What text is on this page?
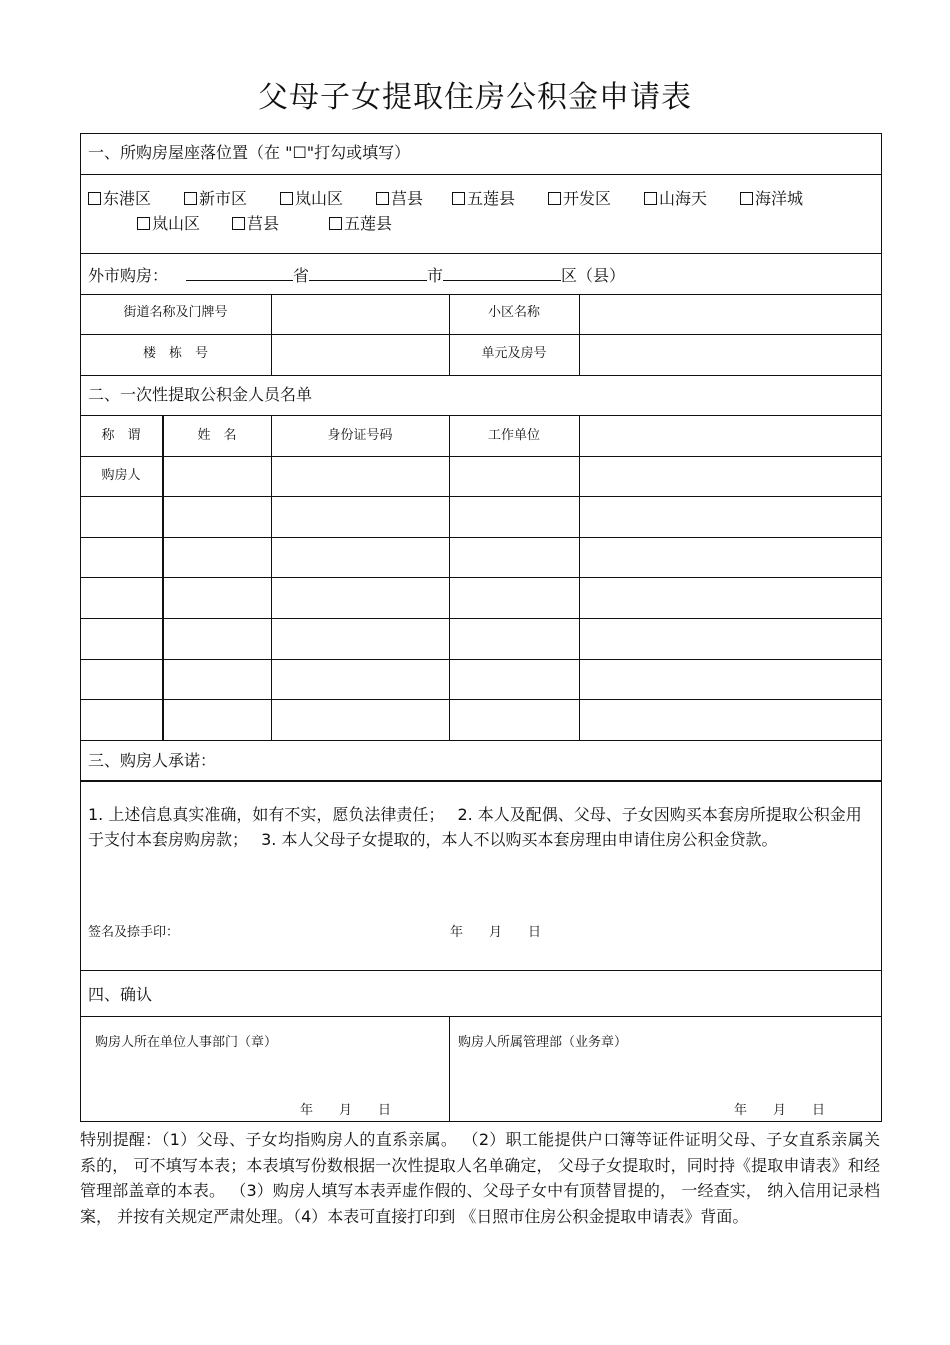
父母子女提取住房公积金申请表
一、所购房屋座落位置（在 "☐"打勾或填写）
东港区	新市区	岚山区	莒县	五莲县	开发区	山海天	海洋城
岚山区	莒县	五莲县
外市购房：	省	市	区（县）
街道名称及门牌号	小区名称
楼　栋　号	单元及房号
二、一次性提取公积金人员名单
称　谓	姓　名	身份证号码	工作单位
购房人
三、购房人承诺：
1. 上述信息真实准确，如有不实，愿负法律责任；　 2. 本人及配偶、父母、子女因购买本套房所提取公积金用于支付本套房购房款；　 3. 本人父母子女提取的，本人不以购买本套房理由申请住房公积金贷款。
签名及捺手印：	年　　月　　日
四、确认
购房人所在单位人事部门（章）	购房人所属管理部（业务章）
年　　月　　日	年　　月　　日
特别提醒：（1）父母、子女均指购房人的直系亲属。 （2）职工能提供户口簿等证件证明父母、子女直系亲属关系的， 可不填写本表；本表填写份数根据一次性提取人名单确定， 父母子女提取时，同时持《提取申请表》和经管理部盖章的本表。 （3）购房人填写本表弄虚作假的、父母子女中有顶替冒提的， 一经查实， 纳入信用记录档案， 并按有关规定严肃处理。（4）本表可直接打印到 《日照市住房公积金提取申请表》背面。
